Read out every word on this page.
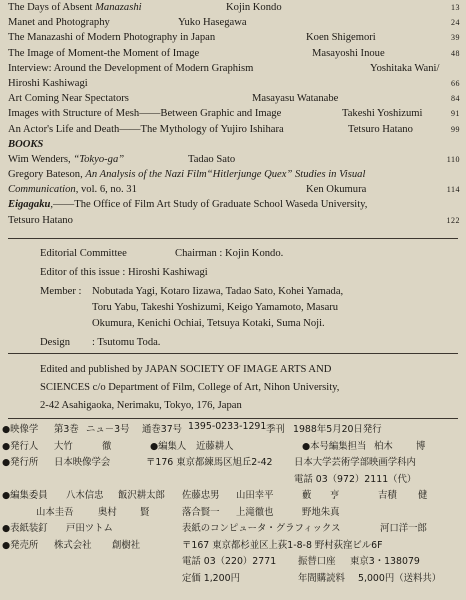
The Days of Absent Manazashi	Kojin Kondo	13
Manet and Photography	Yuko Hasegawa	24
The Manazashi of Modern Photography in Japan	Koen Shigemori	39
The Image of Moment-the Moment of Image	Masayoshi Inoue	48
Interview: Around the Development of Modern Graphism	Yoshitaka Wani/
Hiroshi Kashiwagi	66
Art Coming Near Spectators	Masayasu Watanabe	84
Images with Structure of Mesh――Between Graphic and Image	Takeshi Yoshizumi	91
An Actor's Life and Death――The Mythology of Yujiro Ishihara	Tetsuro Hatano	99
BOOKS
Wim Wenders, “Tokyo-ga”	Tadao Sato	110
Gregory Bateson, An Analysis of the Nazi Film“Hitlerjunge Quex” Studies in Visual
Communication, vol. 6, no. 31	Ken Okumura	114
Eigagaku,――The Office of Film Art Study of Graduate School Waseda University,
Tetsuro Hatano	122
Editorial Committee	Chairman : Kojin Kondo.
Editor of this issue : Hiroshi Kashiwagi
Member : Nobutada Yagi, Kotaro Iizawa, Tadao Sato, Kohei Yamada,
Toru Yabu, Takeshi Yoshizumi, Keigo Yamamoto, Masaru
Okumura, Kenichi Ochiai, Tetsuya Kotaki, Suma Noji.
Design : Tsutomu Toda.
Edited and published by JAPAN SOCIETY OF IMAGE ARTS AND
SCIENCES c/o Department of Film, College of Art, Nihon University,
2-42 Asahigaoka, Nerimaku, Tokyo, 176, Japan
●映像学 第3巻 ニュ－3号 通巻37号 1395-0233-1291 季刊 1988年5月20日発行
●発行人 大竹	徹	●編集人 近藤耕人	●本号編集担当 柏木 博
●発行所 日本映像学会	〒176 東京都練馬区旭丘2-42 日本大学芸術学部映画学科内
電話 03（972）2111（代）
●編集委員 八木信忠 飯沢耕太郎 佐藤忠男 山田幸平	藪 亨	吉積 健
山本圭吾	奥村 賢	落合賢一 上滝徹也	野地朱真
●表紙装釘 戸田ツトム	表紙のコンピュータ・グラフィックス	河口洋一郎
●発売所 株式会社 創樹社	〒167 東京都杉並区上荻1-8-8 野村荻窪ビル6F
電話 03（220）2771 振替口座 東京3・138079
定価 1,200円	年間購読料 5,000円（送料共）
